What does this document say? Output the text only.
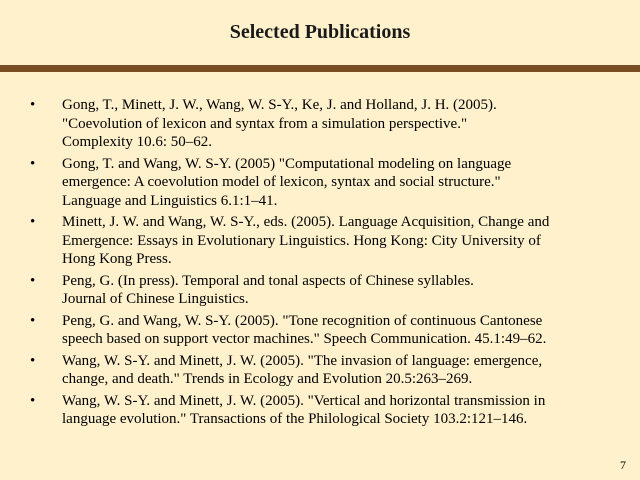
Selected Publications
• Gong, T., Minett, J. W., Wang, W. S-Y., Ke, J. and Holland, J. H. (2005).
"Coevolution of lexicon and syntax from a simulation perspective."
Complexity 10.6: 50–62.
• Gong, T. and Wang, W. S-Y. (2005) "Computational modeling on language
emergence: A coevolution model of lexicon, syntax and social structure."
Language and Linguistics 6.1:1–41.
• Minett, J. W. and Wang, W. S-Y., eds. (2005). Language Acquisition, Change and
Emergence: Essays in Evolutionary Linguistics. Hong Kong: City University of
Hong Kong Press.
• Peng, G. (In press). Temporal and tonal aspects of Chinese syllables.
Journal of Chinese Linguistics.
• Peng, G. and Wang, W. S-Y. (2005). "Tone recognition of continuous Cantonese
speech based on support vector machines." Speech Communication. 45.1:49–62.
• Wang, W. S-Y. and Minett, J. W. (2005). "The invasion of language: emergence,
change, and death." Trends in Ecology and Evolution 20.5:263–269.
• Wang, W. S-Y. and Minett, J. W. (2005). "Vertical and horizontal transmission in
language evolution." Transactions of the Philological Society 103.2:121–146.
7
